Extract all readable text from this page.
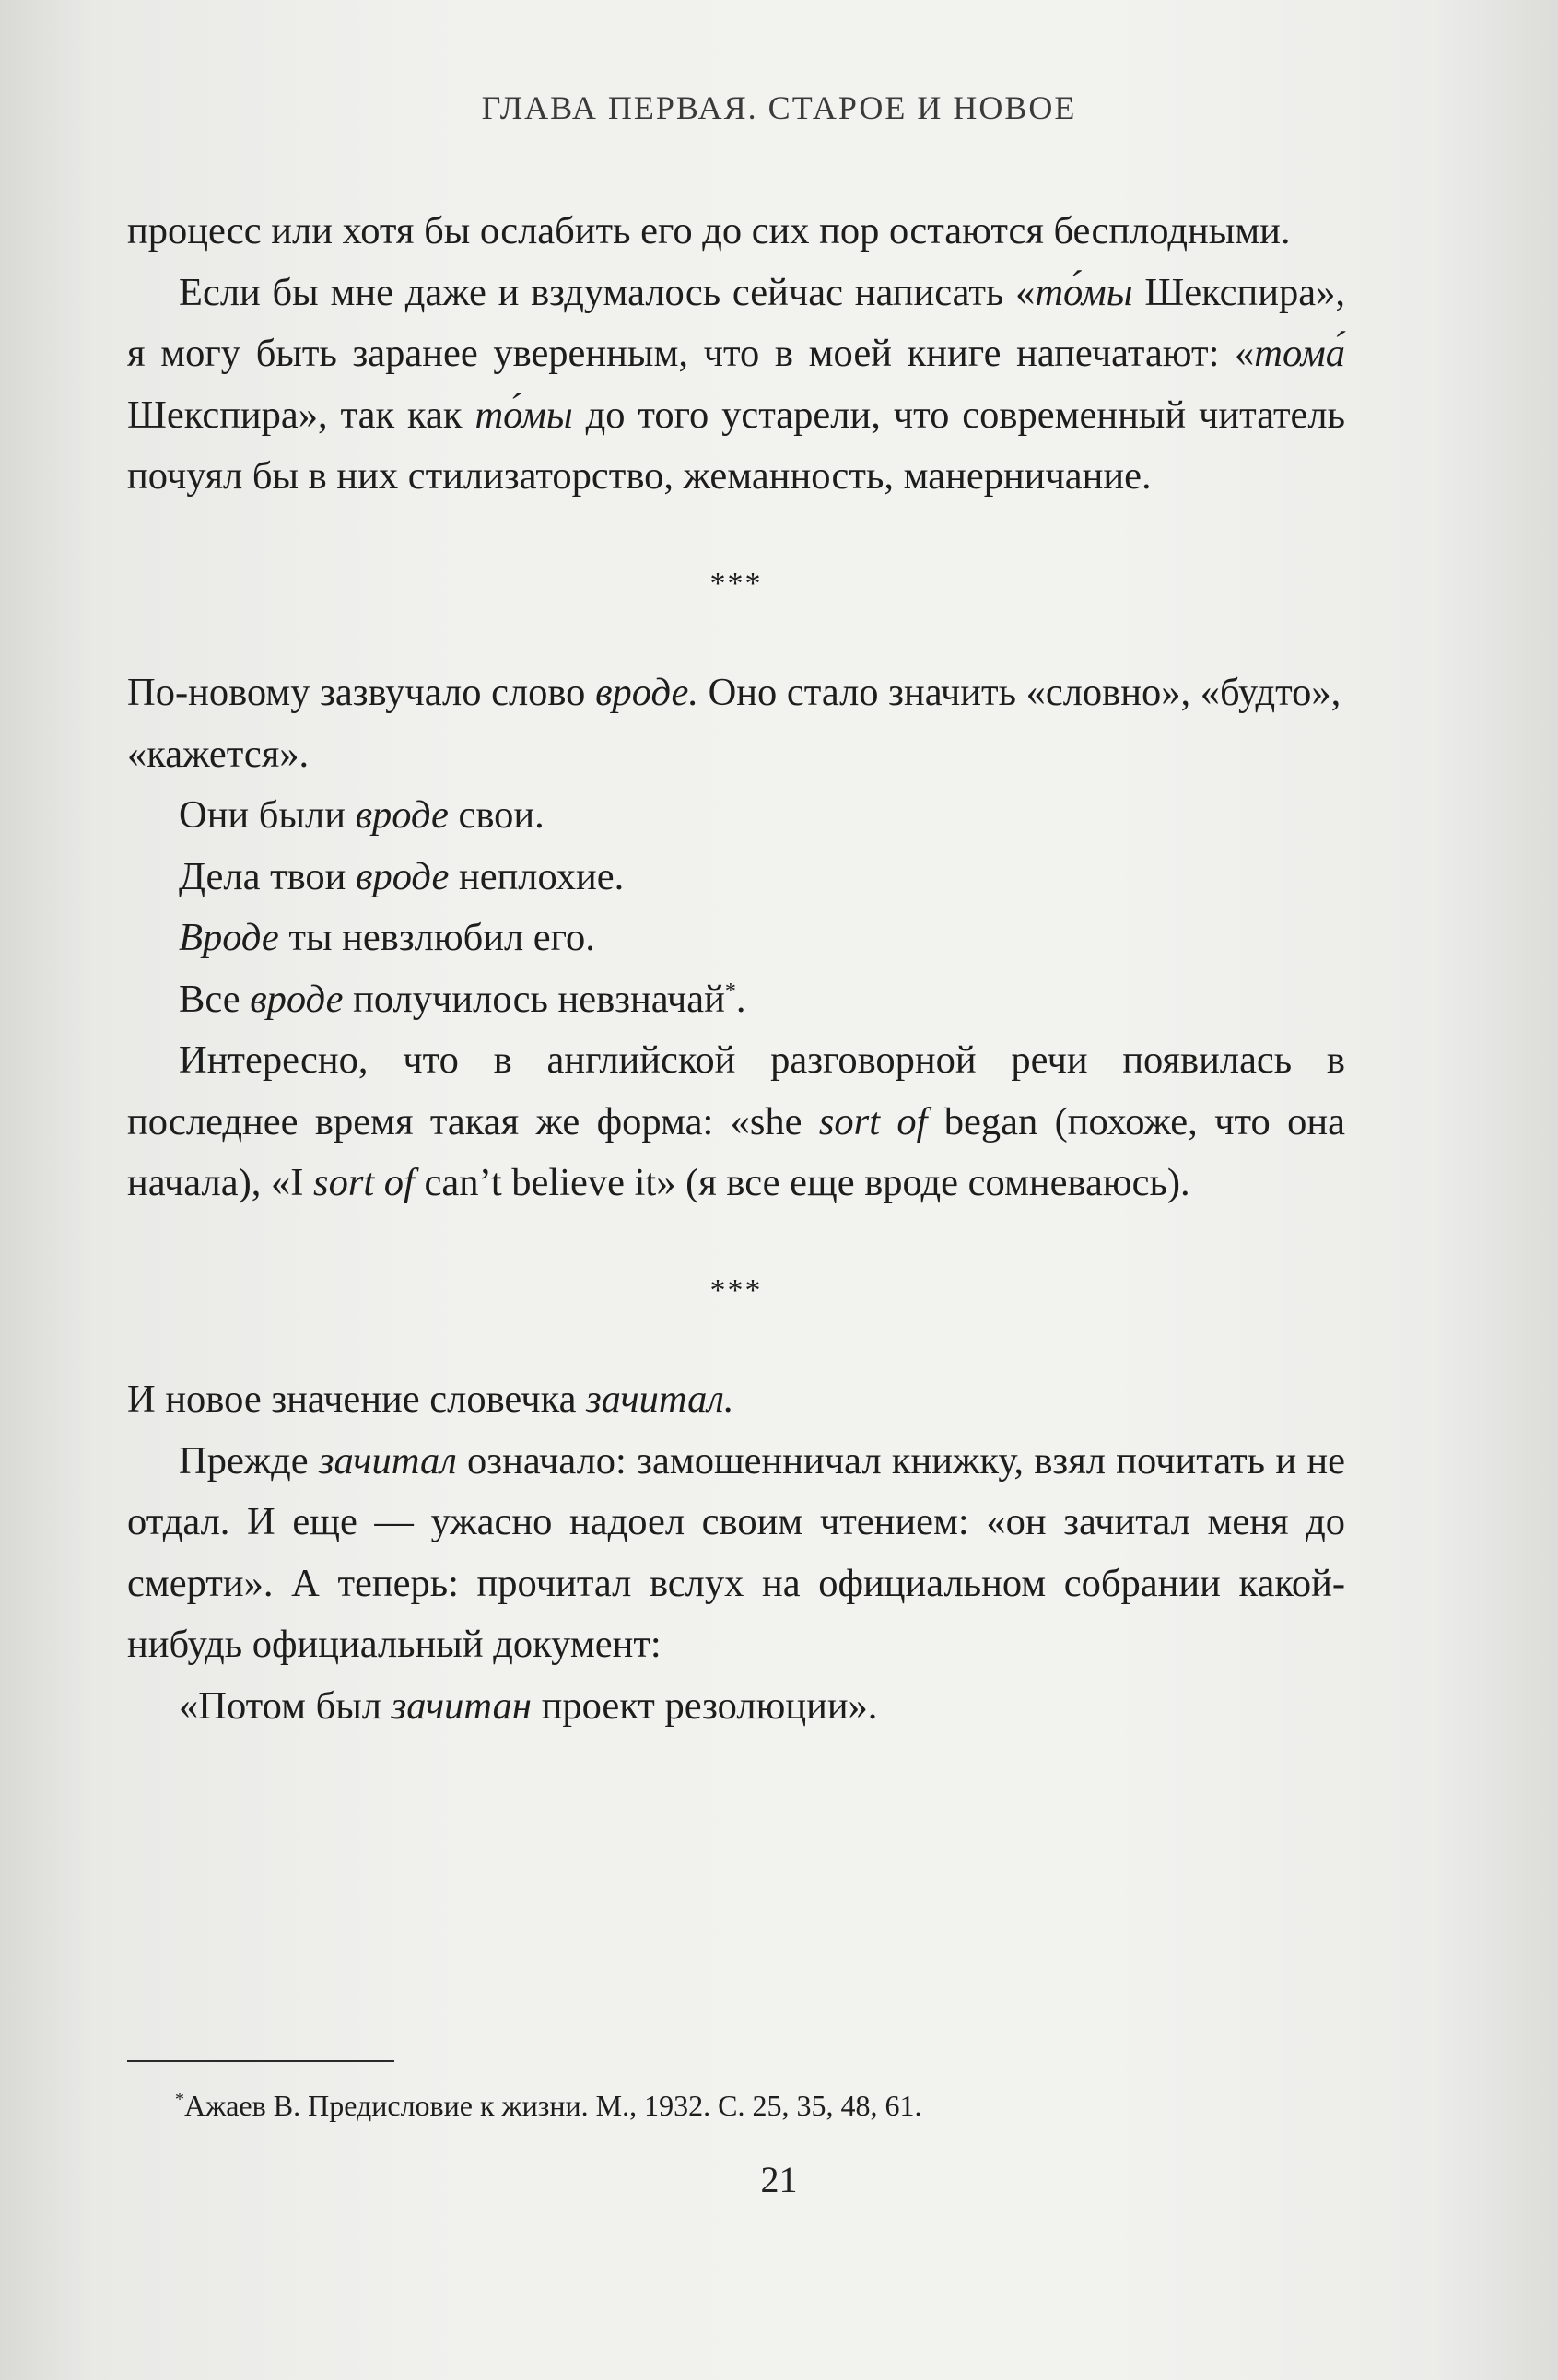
ГЛАВА ПЕРВАЯ. СТАРОЕ И НОВОЕ

процесс или хотя бы ослабить его до сих пор остаются бесплодными.

Если бы мне даже и вздумалось сейчас написать «то́мы Шекспира», я могу быть заранее уверенным, что в моей книге напечатают: «тома́ Шекспира», так как то́мы до того устарели, что современный читатель почуял бы в них стилизаторство, жеманность, манерничание.

***

По-новому зазвучало слово вроде. Оно стало значить «словно», «будто», «кажется».

Они были вроде свои.

Дела твои вроде неплохие.

Вроде ты невзлюбил его.

Все вроде получилось невзначай*.

Интересно, что в английской разговорной речи появилась в последнее время такая же форма: «she sort of began (похоже, что она начала), «I sort of can’t believe it» (я все еще вроде сомневаюсь).

***

И новое значение словечка зачитал.

Прежде зачитал означало: замошенничал книжку, взял почитать и не отдал. И еще — ужасно надоел своим чтением: «он зачитал меня до смерти». А теперь: прочитал вслух на официальном собрании какой-нибудь официальный документ:

«Потом был зачитан проект резолюции».

*Ажаев В. Предисловие к жизни. М., 1932. С. 25, 35, 48, 61.
21
